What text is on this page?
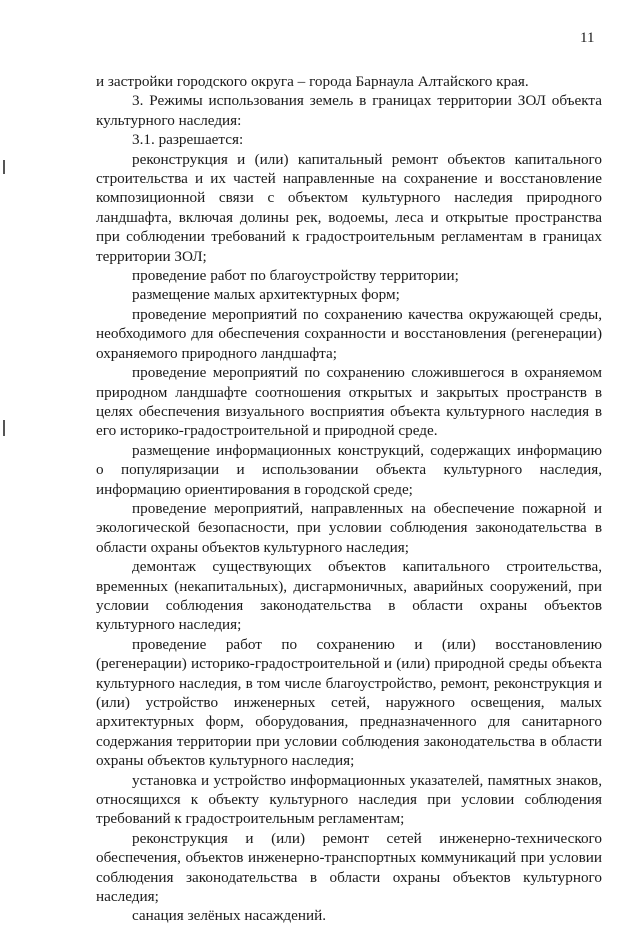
11

и застройки городского округа – города Барнаула Алтайского края.

3. Режимы использования земель в границах территории ЗОЛ объекта культурного наследия:

3.1. разрешается:

реконструкция и (или) капитальный ремонт объектов капитального строительства и их частей направленные на сохранение и восстановление композиционной связи с объектом культурного наследия природного ландшафта, включая долины рек, водоемы, леса и открытые пространства при соблюдении требований к градостроительным регламентам в границах территории ЗОЛ;

проведение работ по благоустройству территории;

размещение малых архитектурных форм;

проведение мероприятий по сохранению качества окружающей среды, необходимого для обеспечения сохранности и восстановления (регенерации) охраняемого природного ландшафта;

проведение мероприятий по сохранению сложившегося в охраняемом природном ландшафте соотношения открытых и закрытых пространств в целях обеспечения визуального восприятия объекта культурного наследия в его историко-градостроительной и природной среде.

размещение информационных конструкций, содержащих информацию о популяризации и использовании объекта культурного наследия, информацию ориентирования в городской среде;

проведение мероприятий, направленных на обеспечение пожарной и экологической безопасности, при условии соблюдения законодательства в области охраны объектов культурного наследия;

демонтаж существующих объектов капитального строительства, временных (некапитальных), дисгармоничных, аварийных сооружений, при условии соблюдения законодательства в области охраны объектов культурного наследия;

проведение работ по сохранению и (или) восстановлению (регенерации) историко-градостроительной и (или) природной среды объекта культурного наследия, в том числе благоустройство, ремонт, реконструкция и (или) устройство инженерных сетей, наружного освещения, малых архитектурных форм, оборудования, предназначенного для санитарного содержания территории при условии соблюдения законодательства в области охраны объектов культурного наследия;

установка и устройство информационных указателей, памятных знаков, относящихся к объекту культурного наследия при условии соблюдения требований к градостроительным регламентам;

реконструкция и (или) ремонт сетей инженерно-технического обеспечения, объектов инженерно-транспортных коммуникаций при условии соблюдения законодательства в области охраны объектов культурного наследия;

санация зелёных насаждений.
